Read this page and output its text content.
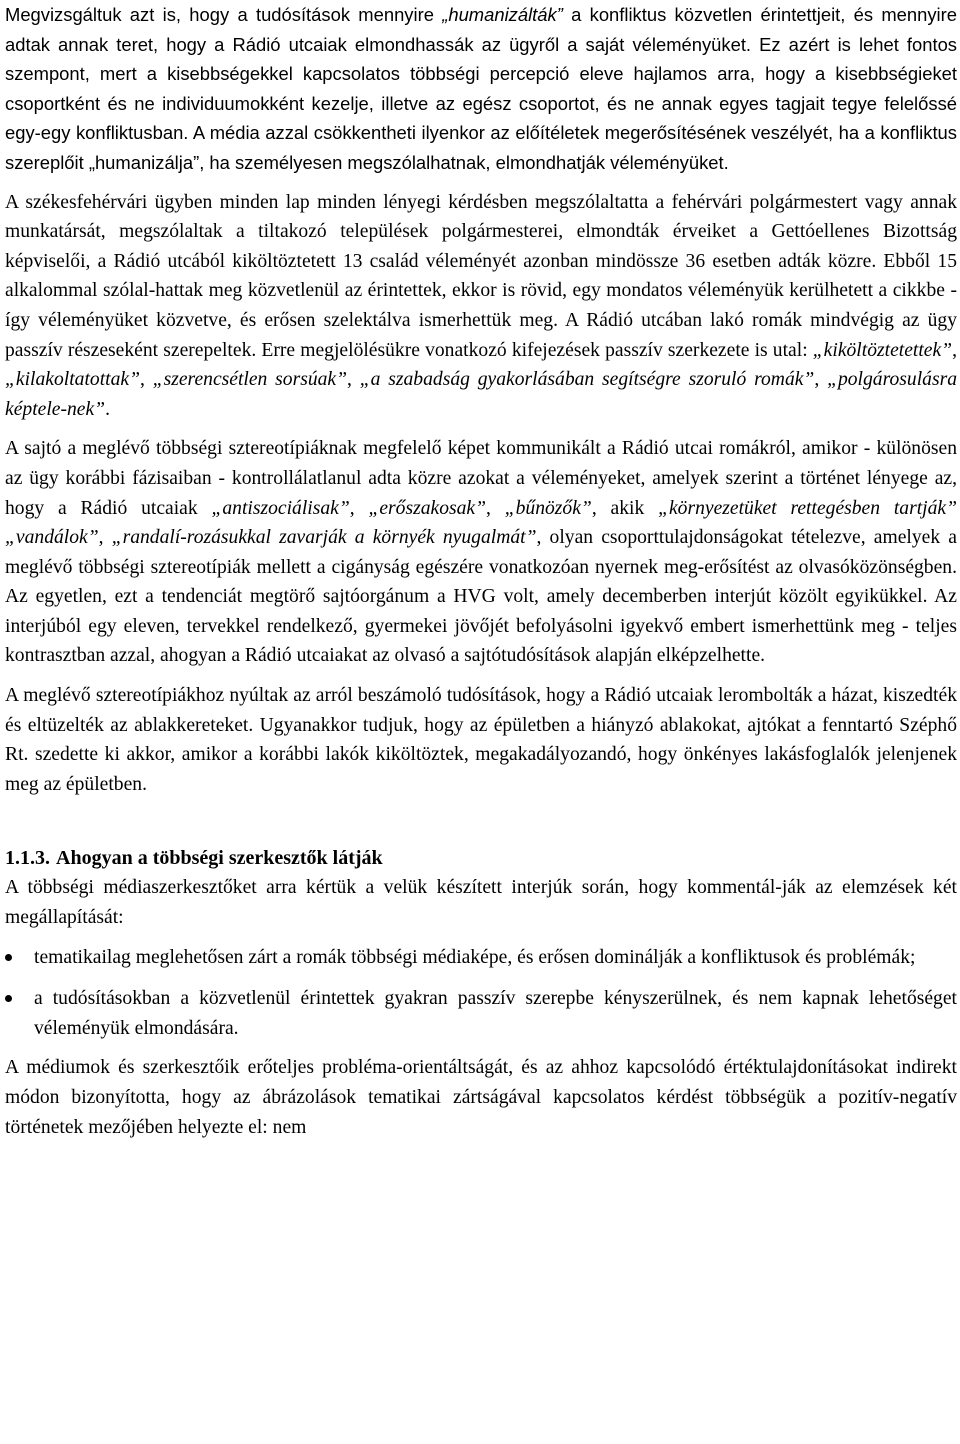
Megvizsgáltuk azt is, hogy a tudósítások mennyire „humanizálták” a konfliktus közvetlen érintettjeit, és mennyire adtak annak teret, hogy a Rádió utcaiak elmondhassák az ügyről a saját véleményüket. Ez azért is lehet fontos szempont, mert a kisebbségekkel kapcsolatos többségi percepció eleve hajlamos arra, hogy a kisebbségieket csoportként és ne individuumokként kezelje, illetve az egész csoportot, és ne annak egyes tagjait tegye felelőssé egy-egy konfliktusban. A média azzal csökkentheti ilyenkor az előítéletek megerősítésének veszélyét, ha a konfliktus szereplőit „humanizálja”, ha személyesen megszólalhatnak, elmondhatják véleményüket.

A székesfehérvári ügyben minden lap minden lényegi kérdésben megszólaltatta a fehérvári polgármestert vagy annak munkatársát, megszólaltak a tiltakozó települések polgármesterei, elmondták érveiket a Gettóellenes Bizottság képviselői, a Rádió utcából kiköltöztetett 13 család véleményét azonban mindössze 36 esetben adták közre. Ebből 15 alkalommal szólal-hattak meg közvetlenül az érintettek, ekkor is rövid, egy mondatos véleményük kerülhetett a cikkbe - így véleményüket közvetve, és erősen szelektálva ismerhettük meg. A Rádió utcában lakó romák mindvégig az ügy passzív részeseként szerepeltek. Erre megjelölésükre vonatkozó kifejezések passzív szerkezete is utal: „kiköltöztetettek”, „kilakoltatottak”, „szerencsétlen sorsúak”, „a szabadság gyakorlásában segítségre szoruló romák”, „polgárosulásra képtele-nek”.

A sajtó a meglévő többségi sztereotípiáknak megfelelő képet kommunikált a Rádió utcai romákról, amikor - különösen az ügy korábbi fázisaiban - kontrollálatlanul adta közre azokat a véleményeket, amelyek szerint a történet lényege az, hogy a Rádió utcaiak „antiszociálisak”, „erőszakosak”, „bűnözők”, akik „környezetüket rettegésben tartják” „vandálok”, „randalí-rozásukkal zavarják a környék nyugalmát”, olyan csoporttulajdonságokat tételezve, amelyek a meglévő többségi sztereotípiák mellett a cigányság egészére vonatkozóan nyernek meg-erősítést az olvasóközönségben. Az egyetlen, ezt a tendenciát megtörő sajtóorgánum a HVG volt, amely decemberben interjút közölt egyikükkel. Az interjúból egy eleven, tervekkel rendelkező, gyermekei jövőjét befolyásolni igyekvő embert ismerhettünk meg - teljes kontrasztban azzal, ahogyan a Rádió utcaiakat az olvasó a sajtótudósítások alapján elképzelhette.

A meglévő sztereotípiákhoz nyúltak az arról beszámoló tudósítások, hogy a Rádió utcaiak lerombolták a házat, kiszedték és eltüzelték az ablakkereteket. Ugyanakkor tudjuk, hogy az épületben a hiányzó ablakokat, ajtókat a fenntartó Széphő Rt. szedette ki akkor, amikor a korábbi lakók kiköltöztek, megakadályozandó, hogy önkényes lakásfoglalók jelenjenek meg az épületben.

1.1.3. Ahogyan a többségi szerkesztők látják

A többségi médiaszerkesztőket arra kértük a velük készített interjúk során, hogy kommentál-ják az elemzések két megállapítását:

tematikailag meglehetősen zárt a romák többségi médiaképe, és erősen dominálják a konfliktusok és problémák;
a tudósításokban a közvetlenül érintettek gyakran passzív szerepbe kényszerülnek, és nem kapnak lehetőséget véleményük elmondására.

A médiumok és szerkesztőik erőteljes probléma-orientáltságát, és az ahhoz kapcsolódó értéktulajdonításokat indirekt módon bizonyította, hogy az ábrázolások tematikai zártságával kapcsolatos kérdést többségük a pozitív-negatív történetek mezőjében helyezte el: nem
